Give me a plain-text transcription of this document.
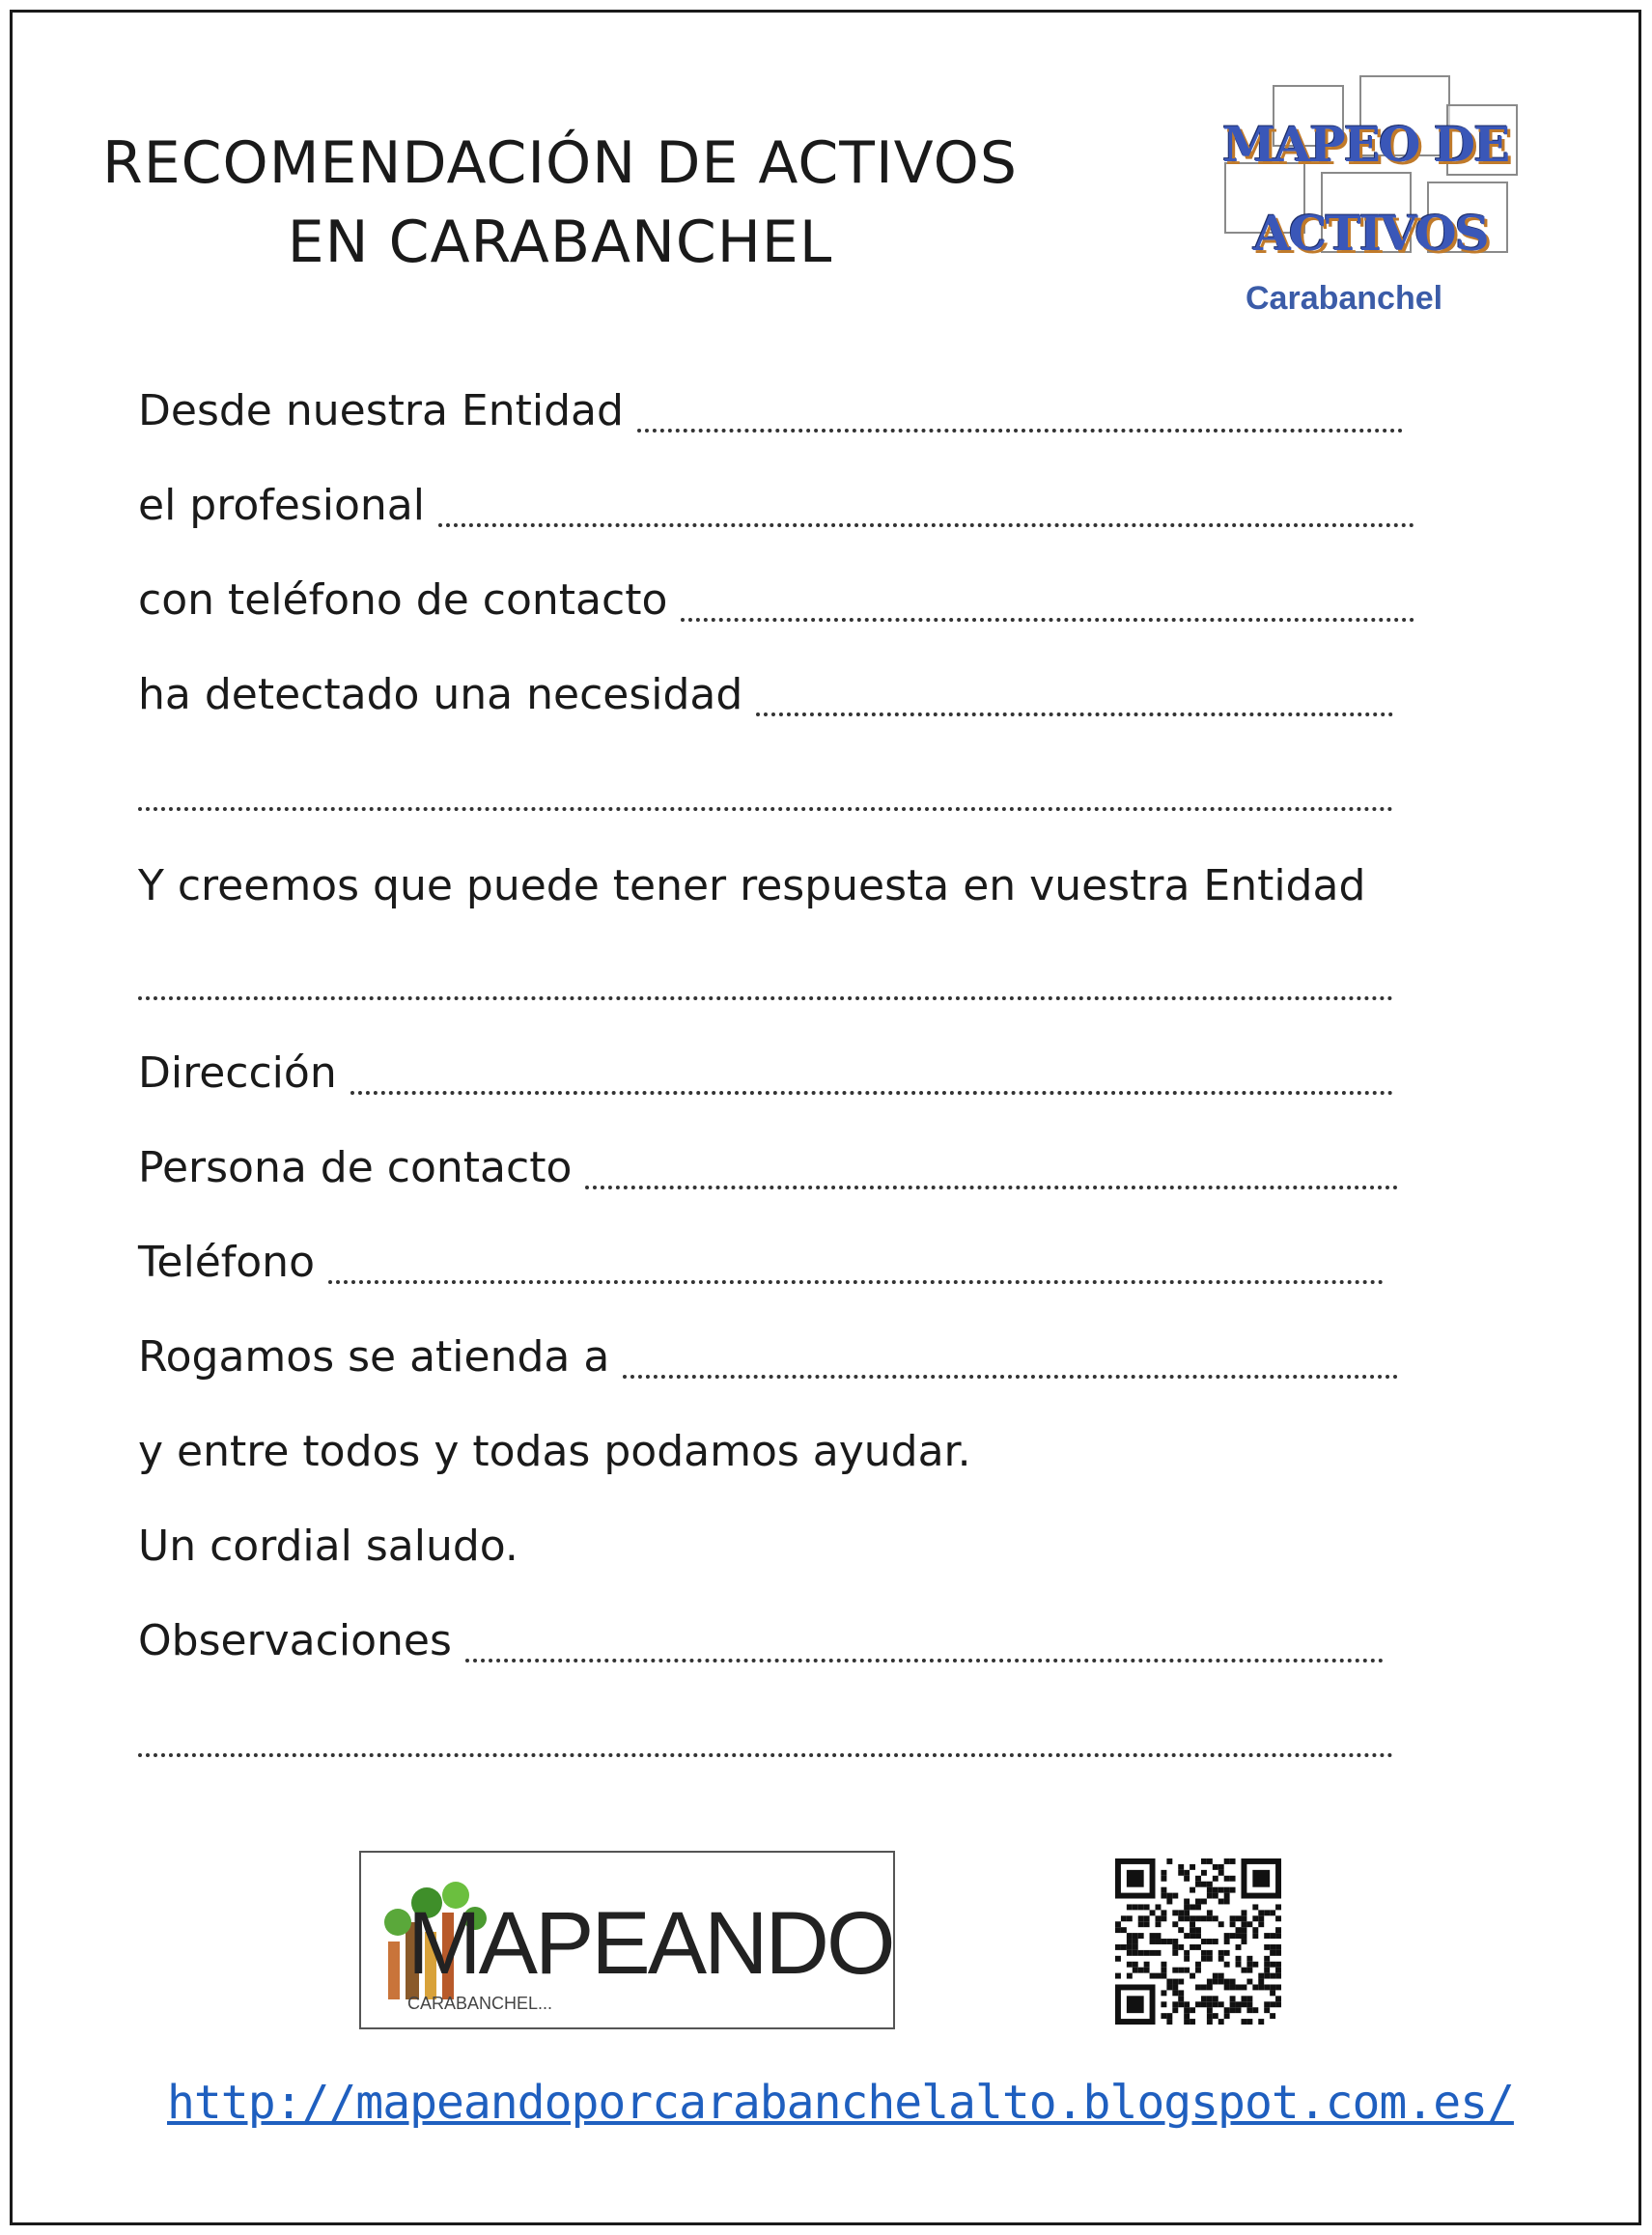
RECOMENDACIÓN DE ACTIVOS
EN CARABANCHEL
MAPEO DE
ACTIVOS
Carabanchel
Desde nuestra Entidad
el profesional
con teléfono de contacto
ha detectado una necesidad
Y creemos que puede tener respuesta en vuestra Entidad
Dirección
Persona de contacto
Teléfono
Rogamos se atienda a
y entre todos y todas podamos ayudar.
Un cordial saludo.
Observaciones
MAPEANDO
CARABANCHEL...
http://mapeandoporcarabanchelalto.blogspot.com.es/
